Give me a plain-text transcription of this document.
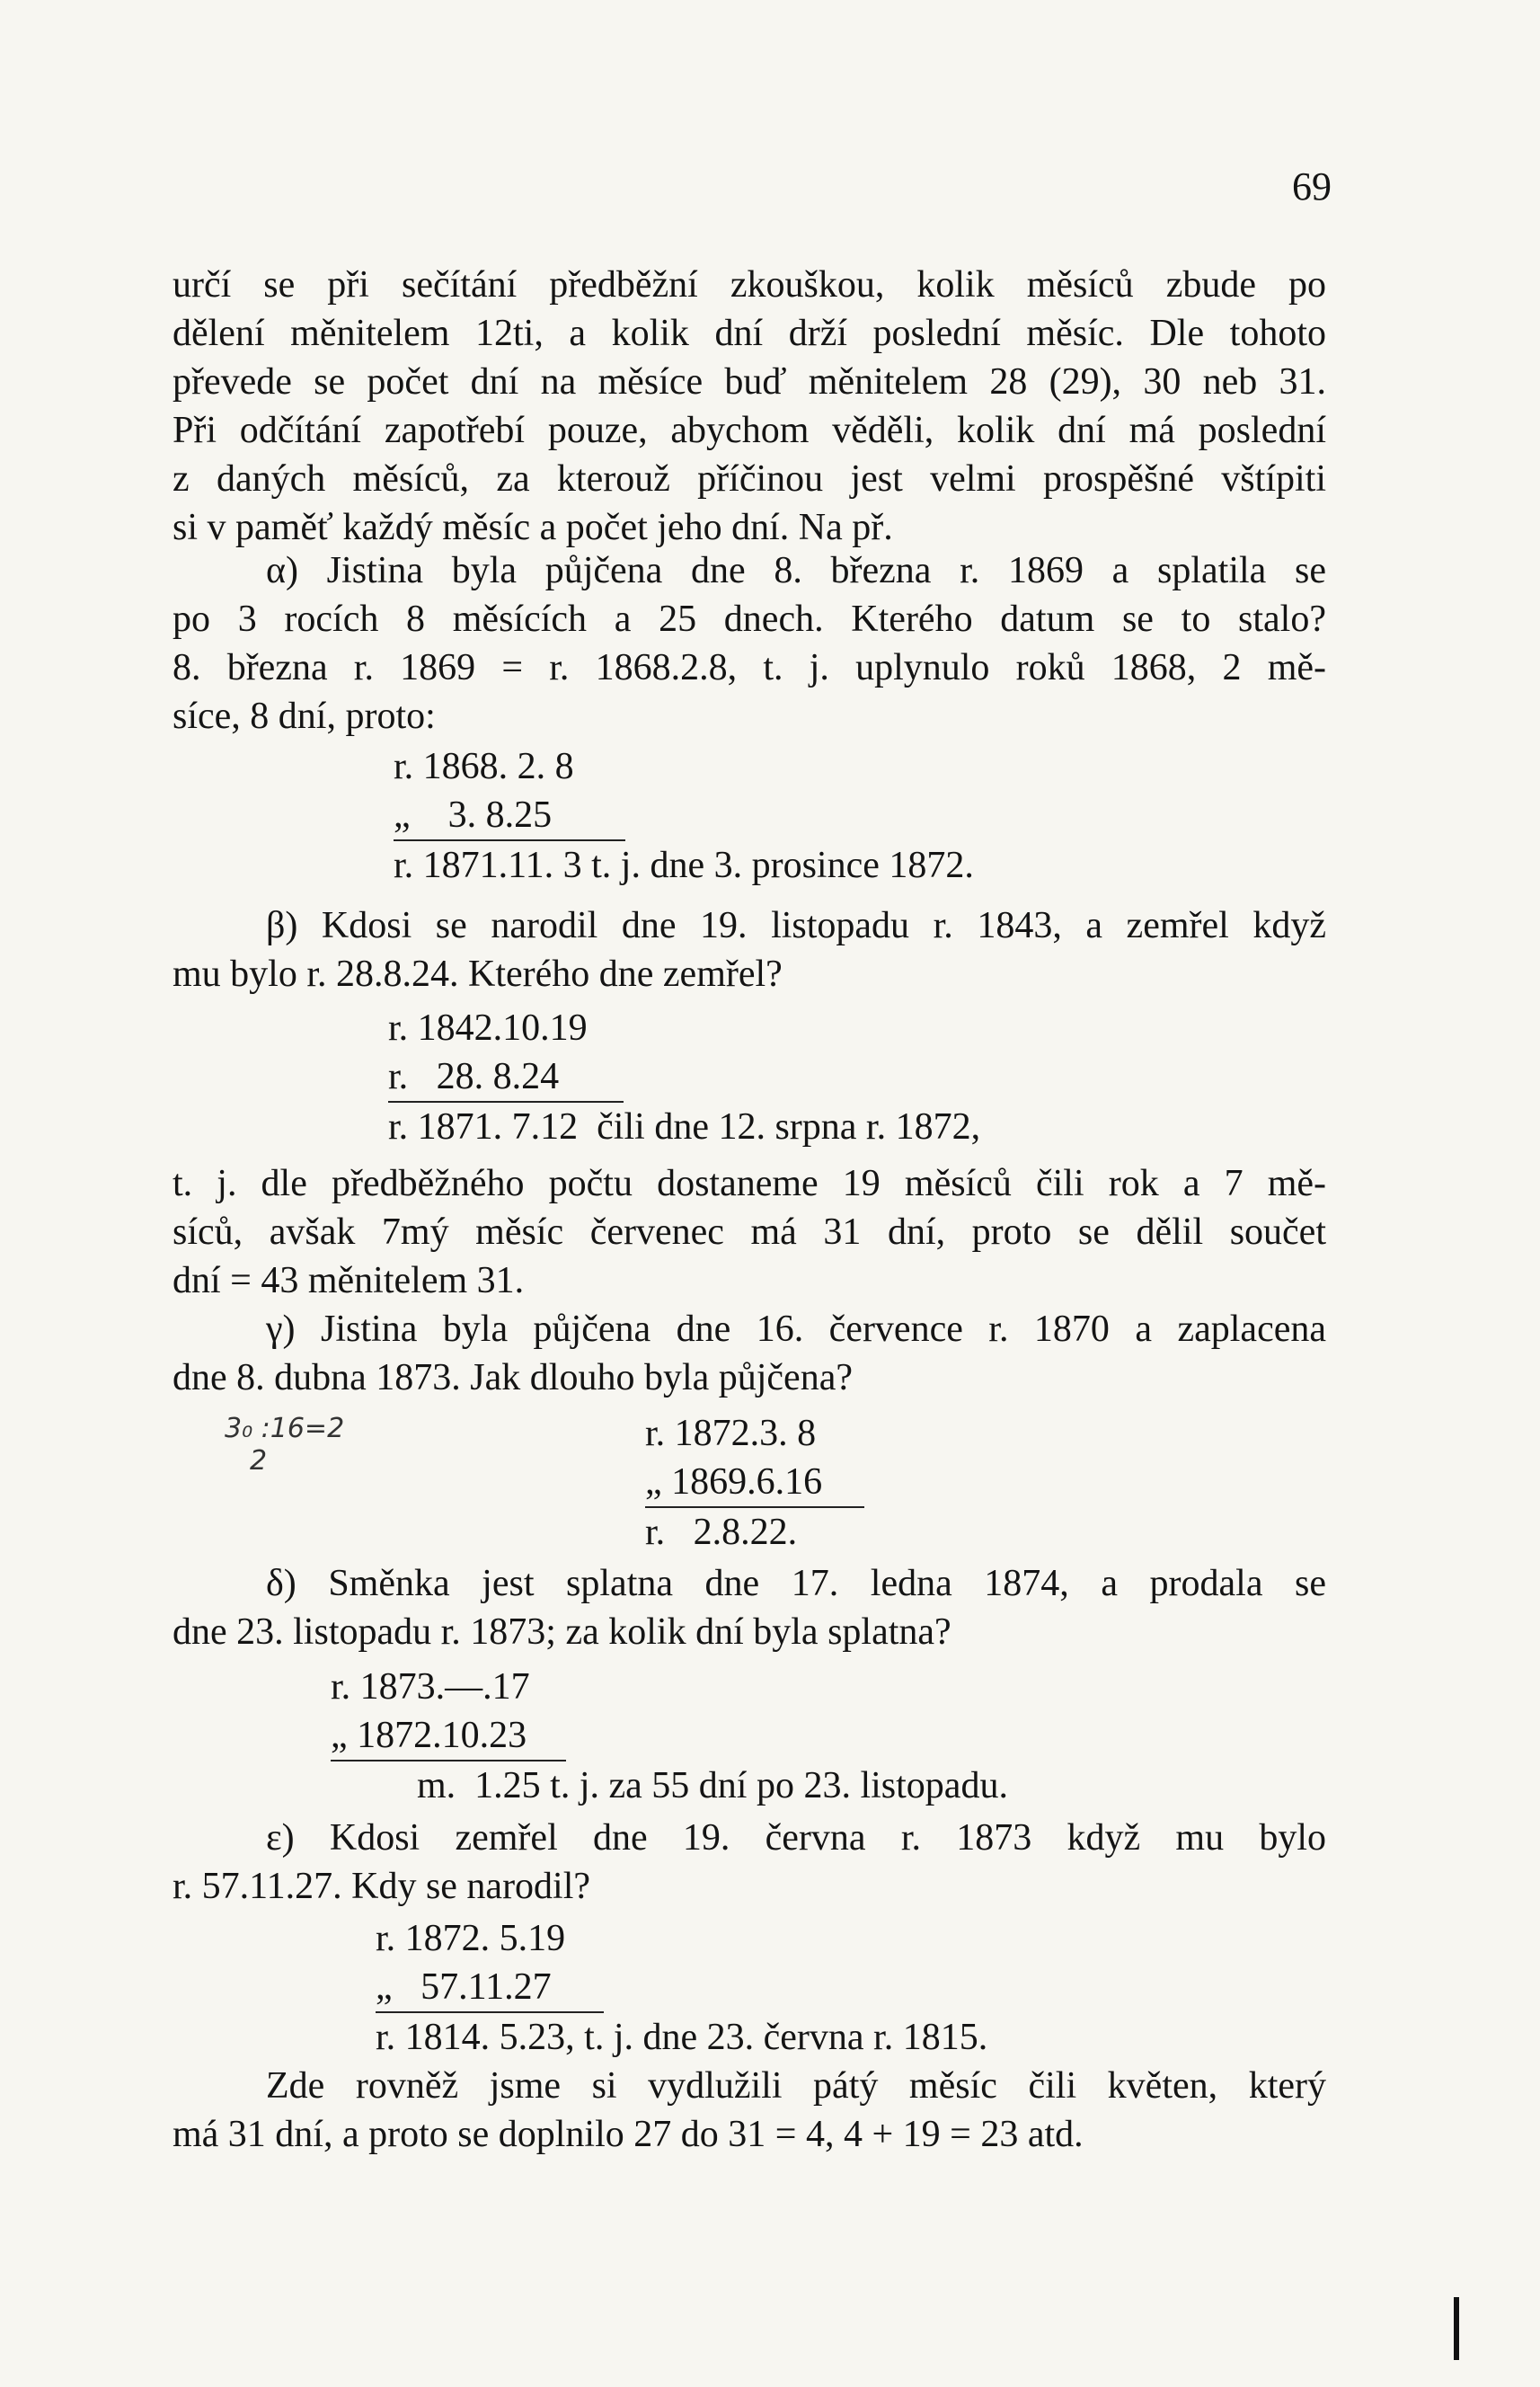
69
určí se při sečítání předběžní zkouškou, kolik měsíců zbude po
dělení měnitelem 12ti, a kolik dní drží poslední měsíc. Dle tohoto
převede se počet dní na měsíce buď měnitelem 28 (29), 30 neb 31.
Při odčítání zapotřebí pouze, abychom věděli, kolik dní má poslední
z daných měsíců, za kterouž příčinou jest velmi prospěšné vštípiti
si v paměť každý měsíc a počet jeho dní. Na př.
α) Jistina byla půjčena dne 8. března r. 1869 a splatila se
po 3 rocích 8 měsících a 25 dnech. Kterého datum se to stalo?
8. března r. 1869 = r. 1868.2.8, t. j. uplynulo roků 1868, 2 mě-
síce, 8 dní, proto:
r. 1868. 2. 8
„    3. 8.25
r. 1871.11. 3 t. j. dne 3. prosince 1872.
β) Kdosi se narodil dne 19. listopadu r. 1843, a zemřel když
mu bylo r. 28.8.24. Kterého dne zemřel?
r. 1842.10.19
r.   28. 8.24
r. 1871. 7.12  čili dne 12. srpna r. 1872,
t. j. dle předběžného počtu dostaneme 19 měsíců čili rok a 7 mě-
síců, avšak 7mý měsíc červenec má 31 dní, proto se dělil součet
dní = 43 měnitelem 31.
γ) Jistina byla půjčena dne 16. července r. 1870 a zaplacena
dne 8. dubna 1873. Jak dlouho byla půjčena?
3₀ :16=2
2
r. 1872.3. 8
„ 1869.6.16
r.   2.8.22.
δ) Směnka jest splatna dne 17. ledna 1874, a prodala se
dne 23. listopadu r. 1873; za kolik dní byla splatna?
r. 1873.—.17
„ 1872.10.23
m.  1.25 t. j. za 55 dní po 23. listopadu.
ε) Kdosi zemřel dne 19. června r. 1873 když mu bylo
r. 57.11.27. Kdy se narodil?
r. 1872. 5.19
„   57.11.27
r. 1814. 5.23, t. j. dne 23. června r. 1815.
Zde rovněž jsme si vydlužili pátý měsíc čili květen, který
má 31 dní, a proto se doplnilo 27 do 31 = 4, 4 + 19 = 23 atd.
